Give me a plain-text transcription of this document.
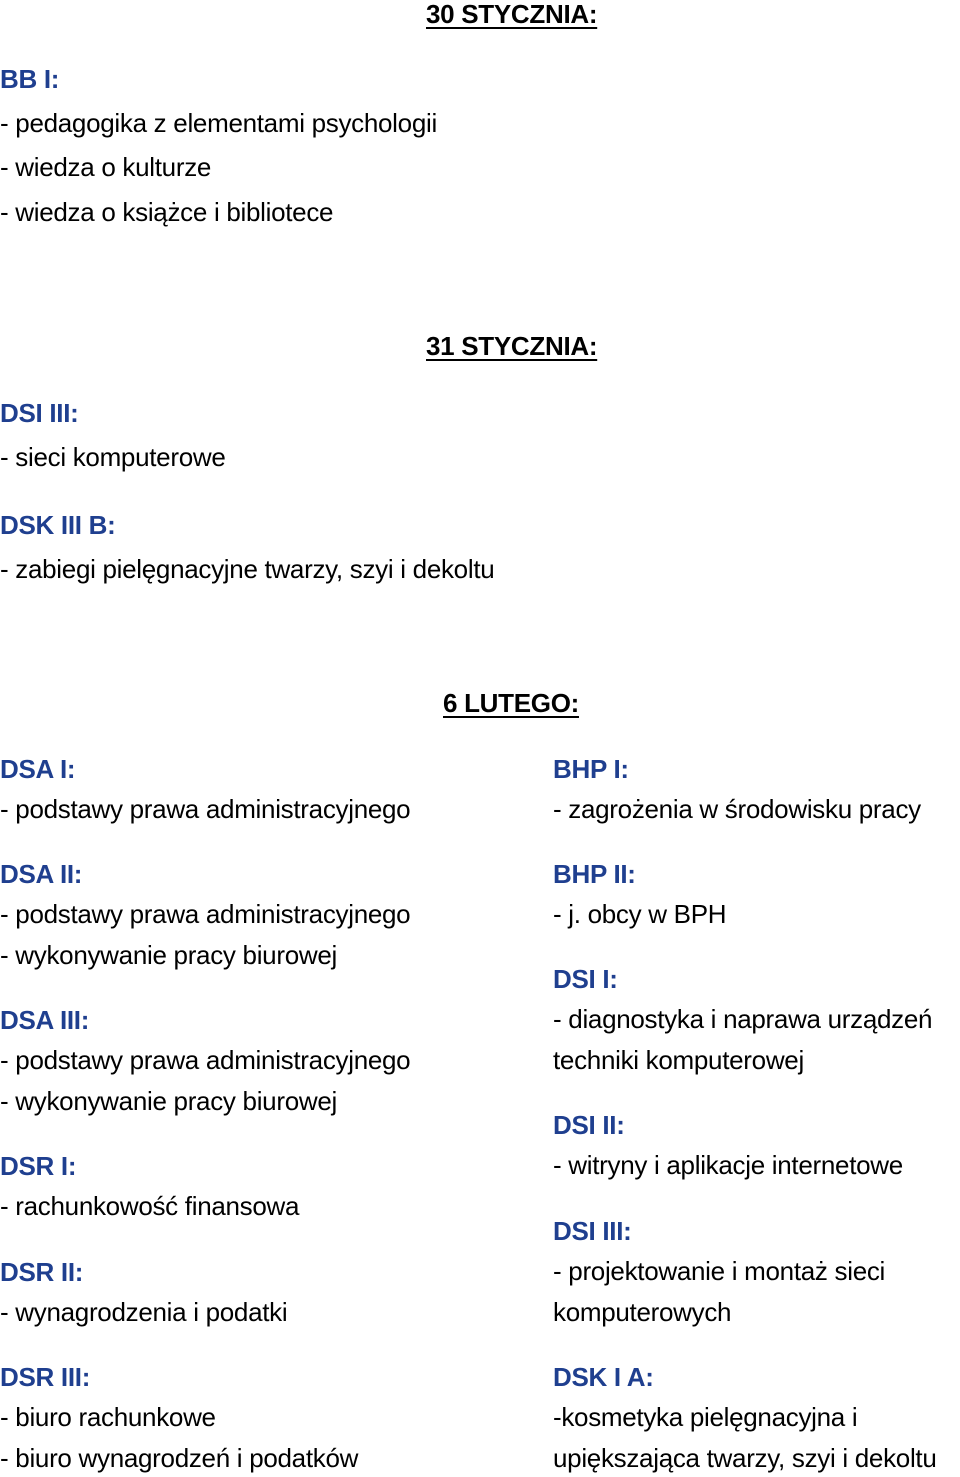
30 STYCZNIA:
BB I:
- pedagogika z elementami psychologii
- wiedza o kulturze
- wiedza o książce i bibliotece
31 STYCZNIA:
DSI III:
- sieci komputerowe
DSK III B:
- zabiegi pielęgnacyjne twarzy, szyi i dekoltu
6 LUTEGO:
DSA I:
- podstawy prawa administracyjnego
DSA II:
- podstawy prawa administracyjnego
- wykonywanie pracy biurowej
DSA III:
- podstawy prawa administracyjnego
- wykonywanie pracy biurowej
DSR I:
- rachunkowość finansowa
DSR II:
- wynagrodzenia i podatki
DSR III:
- biuro rachunkowe
- biuro wynagrodzeń i podatków
BHP I:
- zagrożenia w środowisku pracy
BHP II:
- j. obcy w BPH
DSI I:
- diagnostyka i naprawa urządzeń
techniki komputerowej
DSI II:
- witryny i aplikacje internetowe
DSI III:
- projektowanie i montaż sieci
komputerowych
DSK I A:
-kosmetyka pielęgnacyjna i
upiększająca twarzy, szyi i dekoltu
